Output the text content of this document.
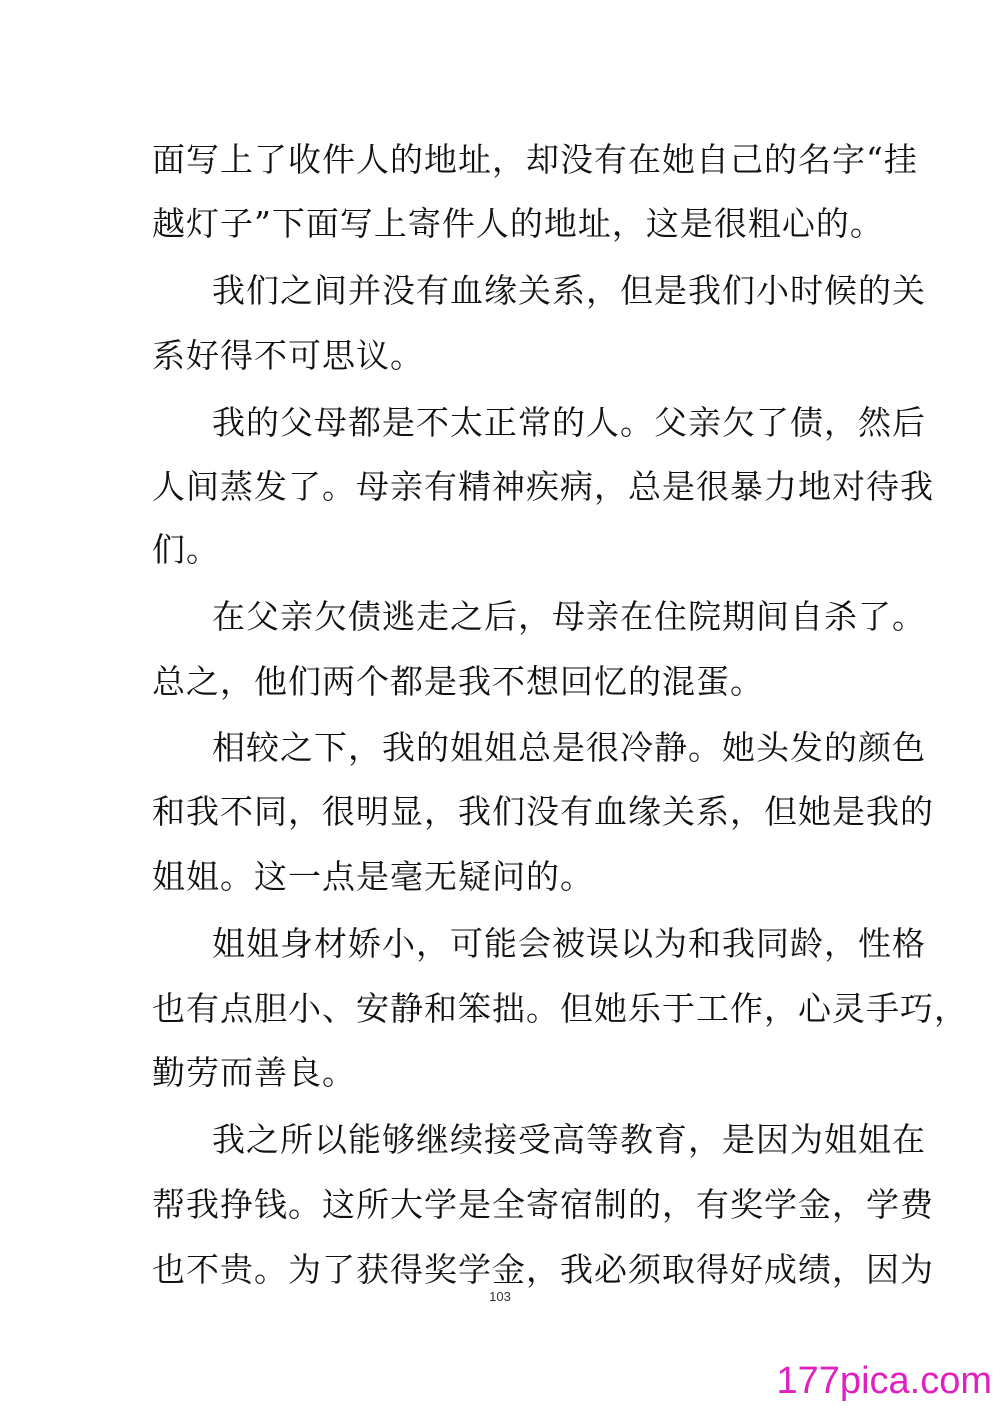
面写上了收件人的地址，却没有在她自己的名字“挂
越灯子”下面写上寄件人的地址，这是很粗心的。
我们之间并没有血缘关系，但是我们小时候的关
系好得不可思议。
我的父母都是不太正常的人。父亲欠了债，然后
人间蒸发了。母亲有精神疾病，总是很暴力地对待我
们。
在父亲欠债逃走之后，母亲在住院期间自杀了。
总之，他们两个都是我不想回忆的混蛋。
相较之下，我的姐姐总是很冷静。她头发的颜色
和我不同，很明显，我们没有血缘关系，但她是我的
姐姐。这一点是毫无疑问的。
姐姐身材娇小，可能会被误以为和我同龄，性格
也有点胆小、安静和笨拙。但她乐于工作，心灵手巧，
勤劳而善良。
我之所以能够继续接受高等教育，是因为姐姐在
帮我挣钱。这所大学是全寄宿制的，有奖学金，学费
也不贵。为了获得奖学金，我必须取得好成绩，因为
103
177pica.com
